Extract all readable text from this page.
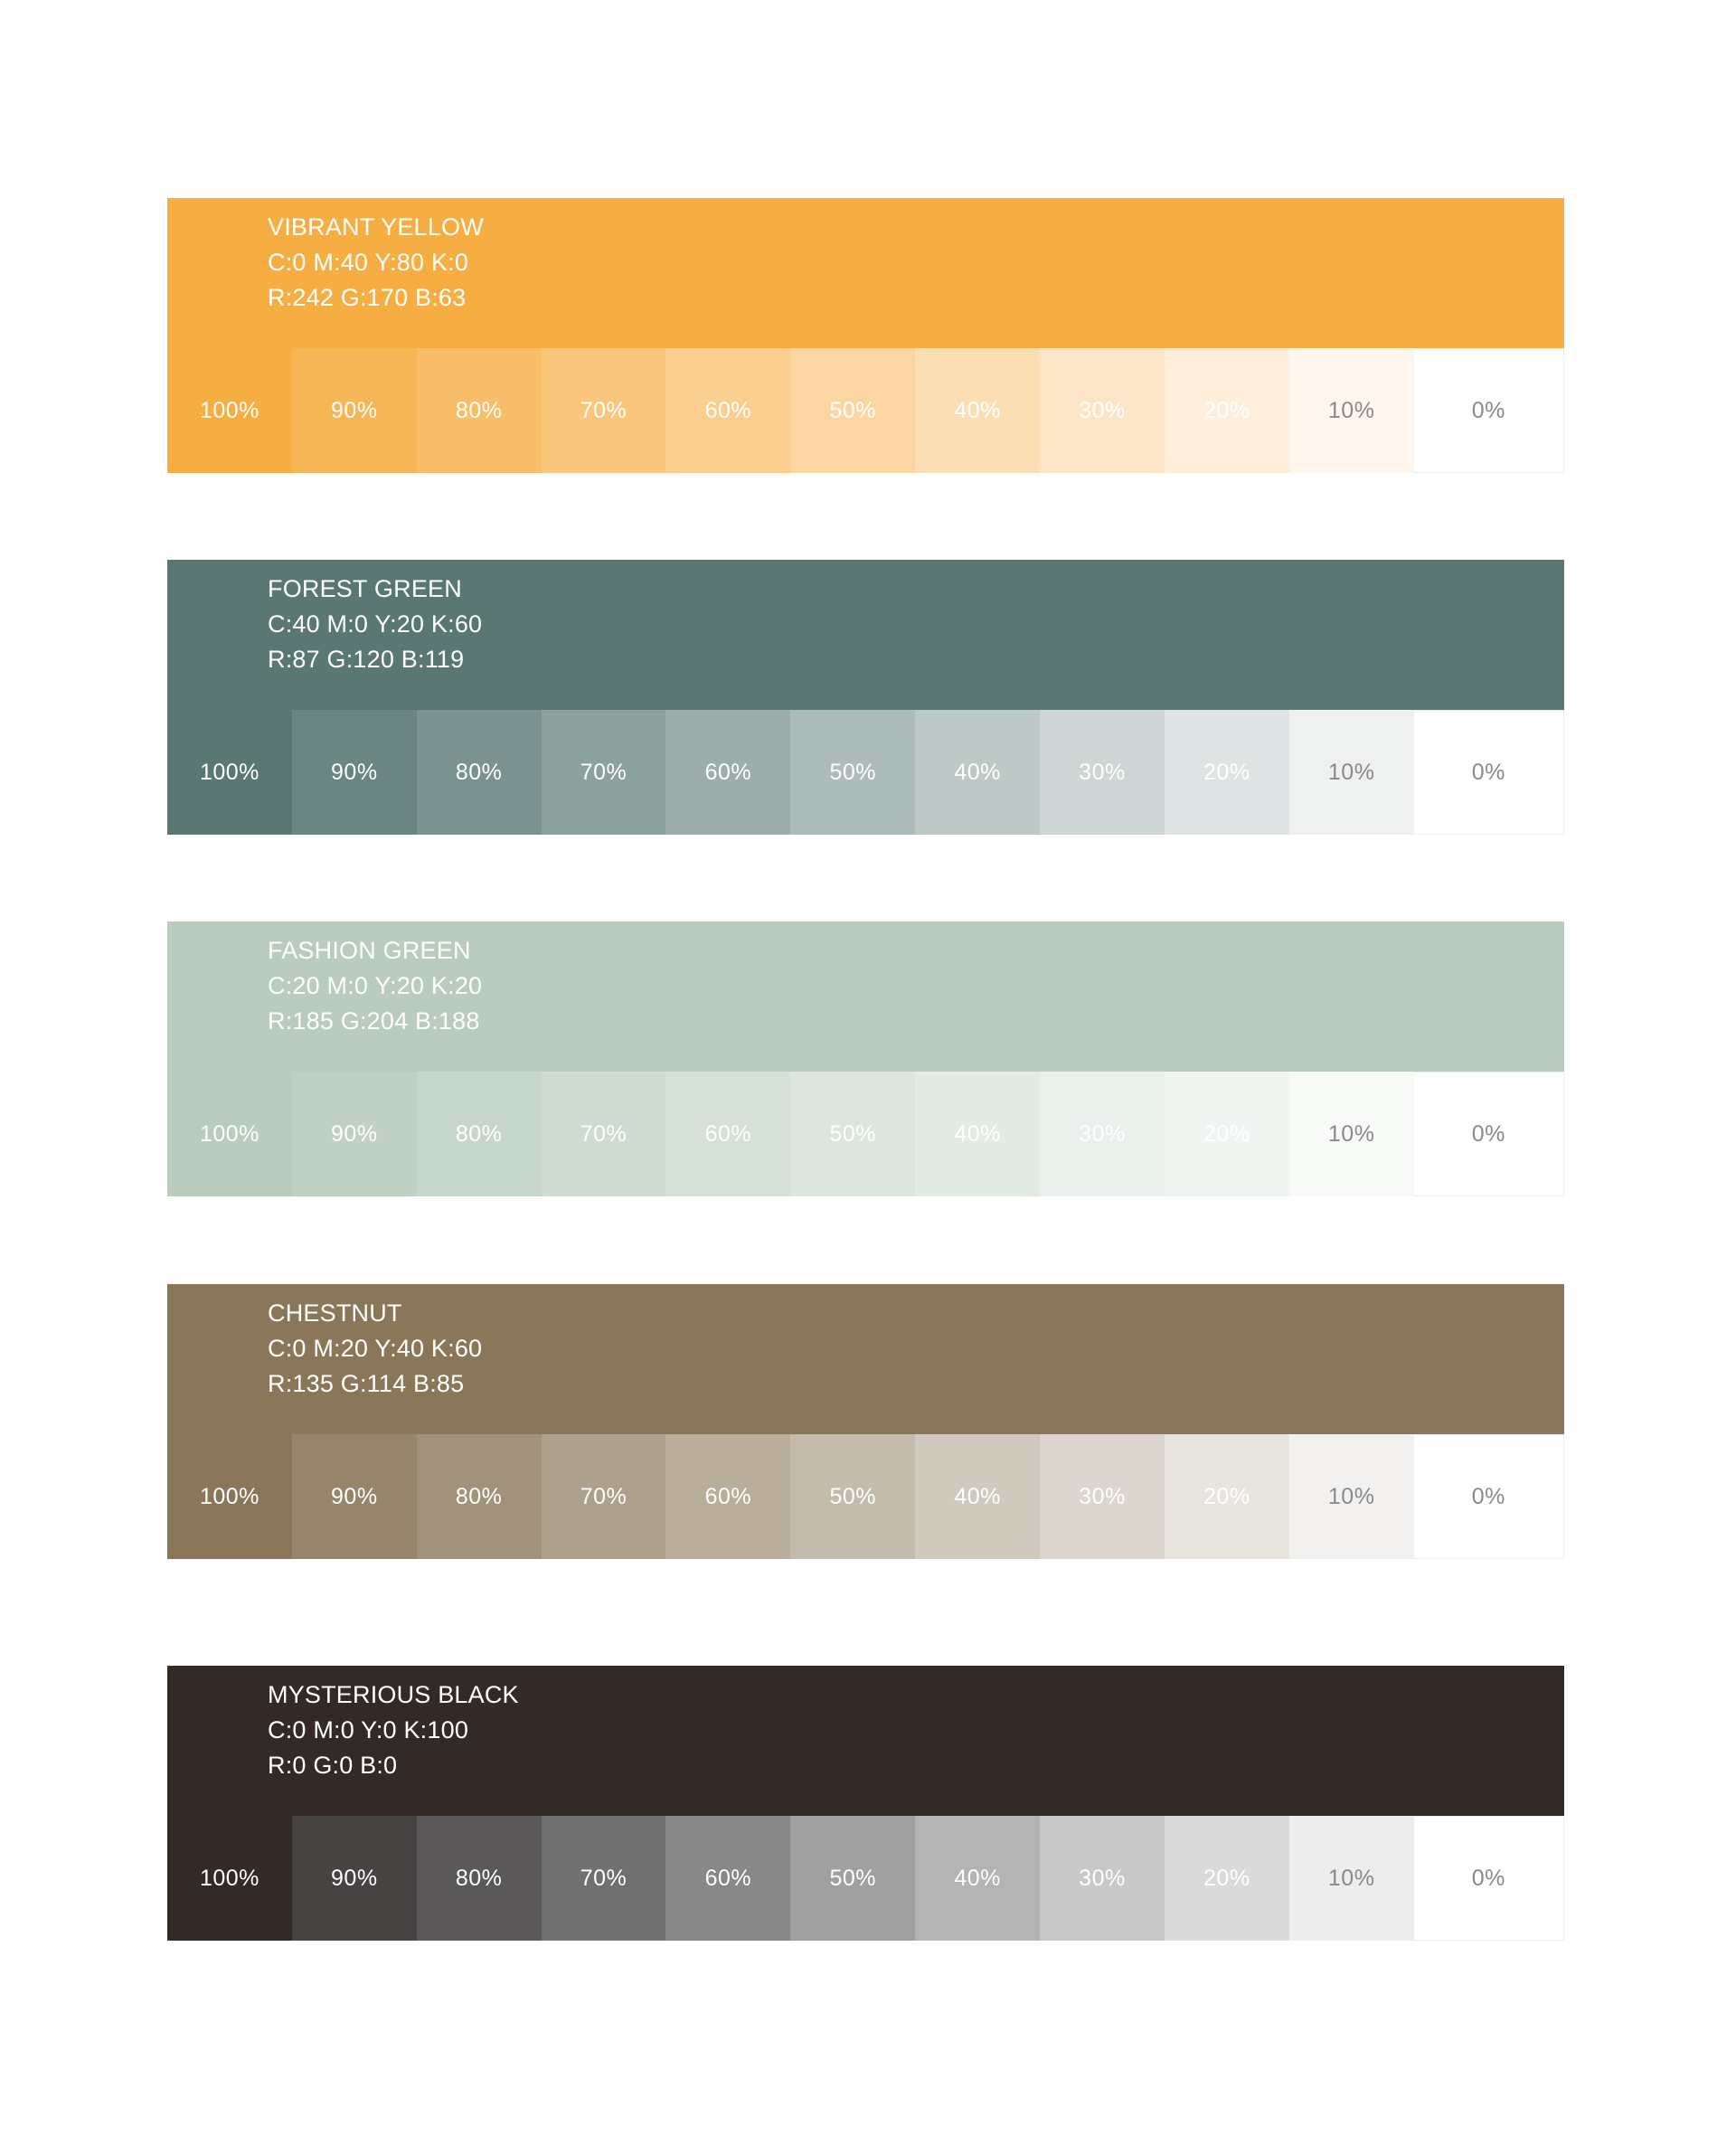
VIBRANT YELLOW
C:0 M:40 Y:80 K:0
R:242 G:170 B:63
100%	90%	80%	70%	60%	50%	40%	30%	20%	10%	0%
FOREST GREEN
C:40 M:0 Y:20 K:60
R:87 G:120 B:119
100%	90%	80%	70%	60%	50%	40%	30%	20%	10%	0%
FASHION GREEN
C:20 M:0 Y:20 K:20
R:185 G:204 B:188
100%	90%	80%	70%	60%	50%	40%	30%	20%	10%	0%
CHESTNUT
C:0 M:20 Y:40 K:60
R:135 G:114 B:85
100%	90%	80%	70%	60%	50%	40%	30%	20%	10%	0%
MYSTERIOUS BLACK
C:0 M:0 Y:0 K:100
R:0 G:0 B:0
100%	90%	80%	70%	60%	50%	40%	30%	20%	10%	0%
